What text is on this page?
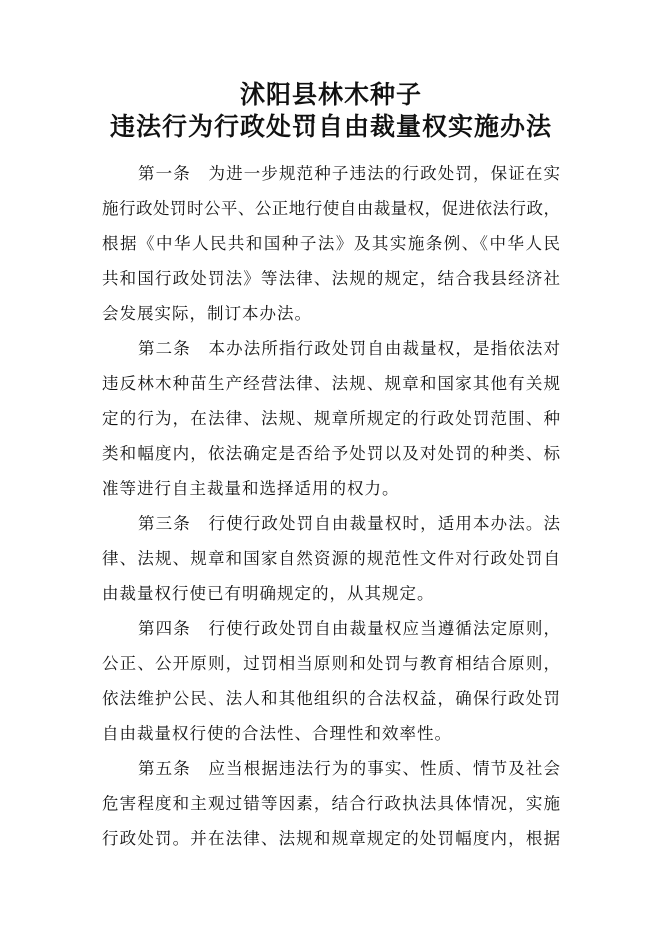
沭阳县林木种子
违法行为行政处罚自由裁量权实施办法
第一条　为进一步规范种子违法的行政处罚，保证在实
施行政处罚时公平、公正地行使自由裁量权，促进依法行政，
根据《中华人民共和国种子法》及其实施条例、《中华人民
共和国行政处罚法》等法律、法规的规定，结合我县经济社
会发展实际，制订本办法。
第二条　本办法所指行政处罚自由裁量权，是指依法对
违反林木种苗生产经营法律、法规、规章和国家其他有关规
定的行为，在法律、法规、规章所规定的行政处罚范围、种
类和幅度内，依法确定是否给予处罚以及对处罚的种类、标
准等进行自主裁量和选择适用的权力。
第三条　行使行政处罚自由裁量权时，适用本办法。法
律、法规、规章和国家自然资源的规范性文件对行政处罚自
由裁量权行使已有明确规定的，从其规定。
第四条　行使行政处罚自由裁量权应当遵循法定原则，
公正、公开原则，过罚相当原则和处罚与教育相结合原则，
依法维护公民、法人和其他组织的合法权益，确保行政处罚
自由裁量权行使的合法性、合理性和效率性。
第五条　应当根据违法行为的事实、性质、情节及社会
危害程度和主观过错等因素，结合行政执法具体情况，实施
行政处罚。并在法律、法规和规章规定的处罚幅度内，根据
